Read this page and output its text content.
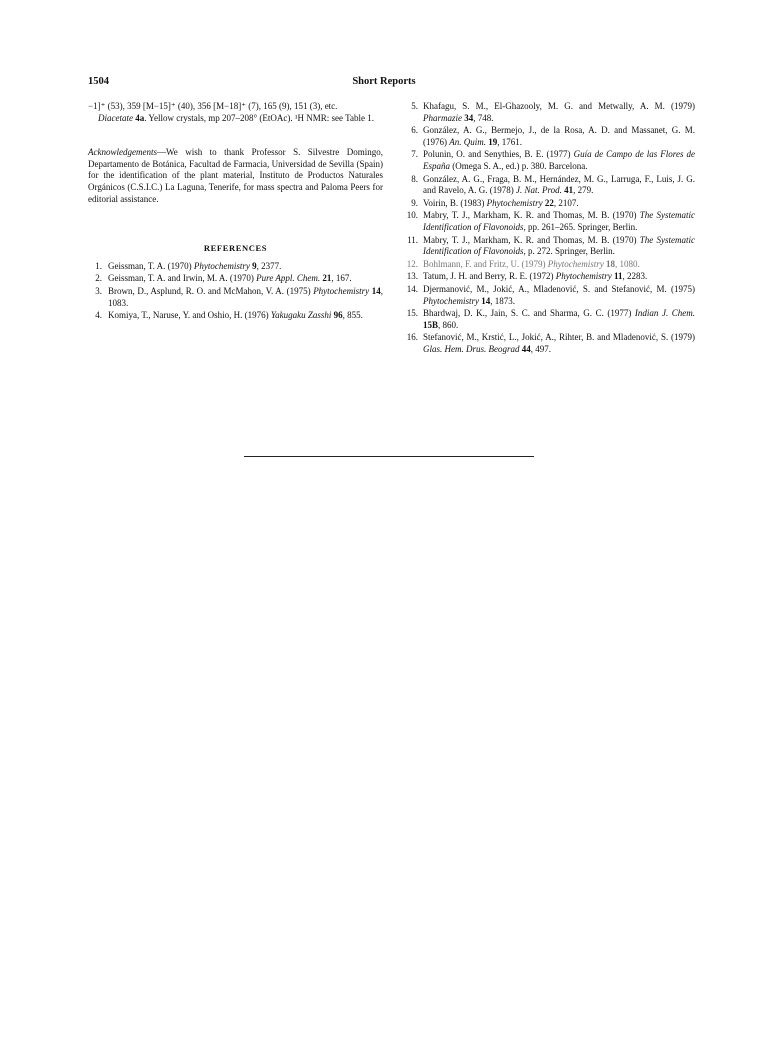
1504	Short Reports

−1]⁺ (53), 359 [M−15]⁺ (40), 356 [M−18]⁺ (7), 165 (9), 151 (3), etc.

Diacetate 4a. Yellow crystals, mp 207–208° (EtOAc). ¹H NMR: see Table 1.

Acknowledgements—We wish to thank Professor S. Silvestre Domingo, Departamento de Botánica, Facultad de Farmacia, Universidad de Sevilla (Spain) for the identification of the plant material, Instituto de Productos Naturales Orgánicos (C.S.I.C.) La Laguna, Tenerife, for mass spectra and Paloma Peers for editorial assistance.

REFERENCES
1. Geissman, T. A. (1970) Phytochemistry 9, 2377.
2. Geissman, T. A. and Irwin, M. A. (1970) Pure Appl. Chem. 21, 167.
3. Brown, D., Asplund, R. O. and McMahon, V. A. (1975) Phytochemistry 14, 1083.
4. Komiya, T., Naruse, Y. and Oshio, H. (1976) Yakugaku Zasshi 96, 855.
5. Khafagu, S. M., El-Ghazooly, M. G. and Metwally, A. M. (1979) Pharmazie 34, 748.
6. González, A. G., Bermejo, J., de la Rosa, A. D. and Massanet, G. M. (1976) An. Quim. 19, 1761.
7. Polunin, O. and Senythies, B. E. (1977) Guía de Campo de las Flores de España (Omega S. A., ed.) p. 380. Barcelona.
8. González, A. G., Fraga, B. M., Hernández, M. G., Larruga, F., Luis, J. G. and Ravelo, A. G. (1978) J. Nat. Prod. 41, 279.
9. Voirin, B. (1983) Phytochemistry 22, 2107.
10. Mabry, T. J., Markham, K. R. and Thomas, M. B. (1970) The Systematic Identification of Flavonoids, pp. 261–265. Springer, Berlin.
11. Mabry, T. J., Markham, K. R. and Thomas, M. B. (1970) The Systematic Identification of Flavonoids, p. 272. Springer, Berlin.
12. Bohlmann, F. and Fritz, U. (1979) Phytochemistry 18, 1080.
13. Tatum, J. H. and Berry, R. E. (1972) Phytochemistry 11, 2283.
14. Djermanović, M., Jokić, A., Mladenović, S. and Stefanović, M. (1975) Phytochemistry 14, 1873.
15. Bhardwaj, D. K., Jain, S. C. and Sharma, G. C. (1977) Indian J. Chem. 15B, 860.
16. Stefanović, M., Krstić, L., Jokić, A., Rihter, B. and Mladenović, S. (1979) Glas. Hem. Drus. Beograd 44, 497.
